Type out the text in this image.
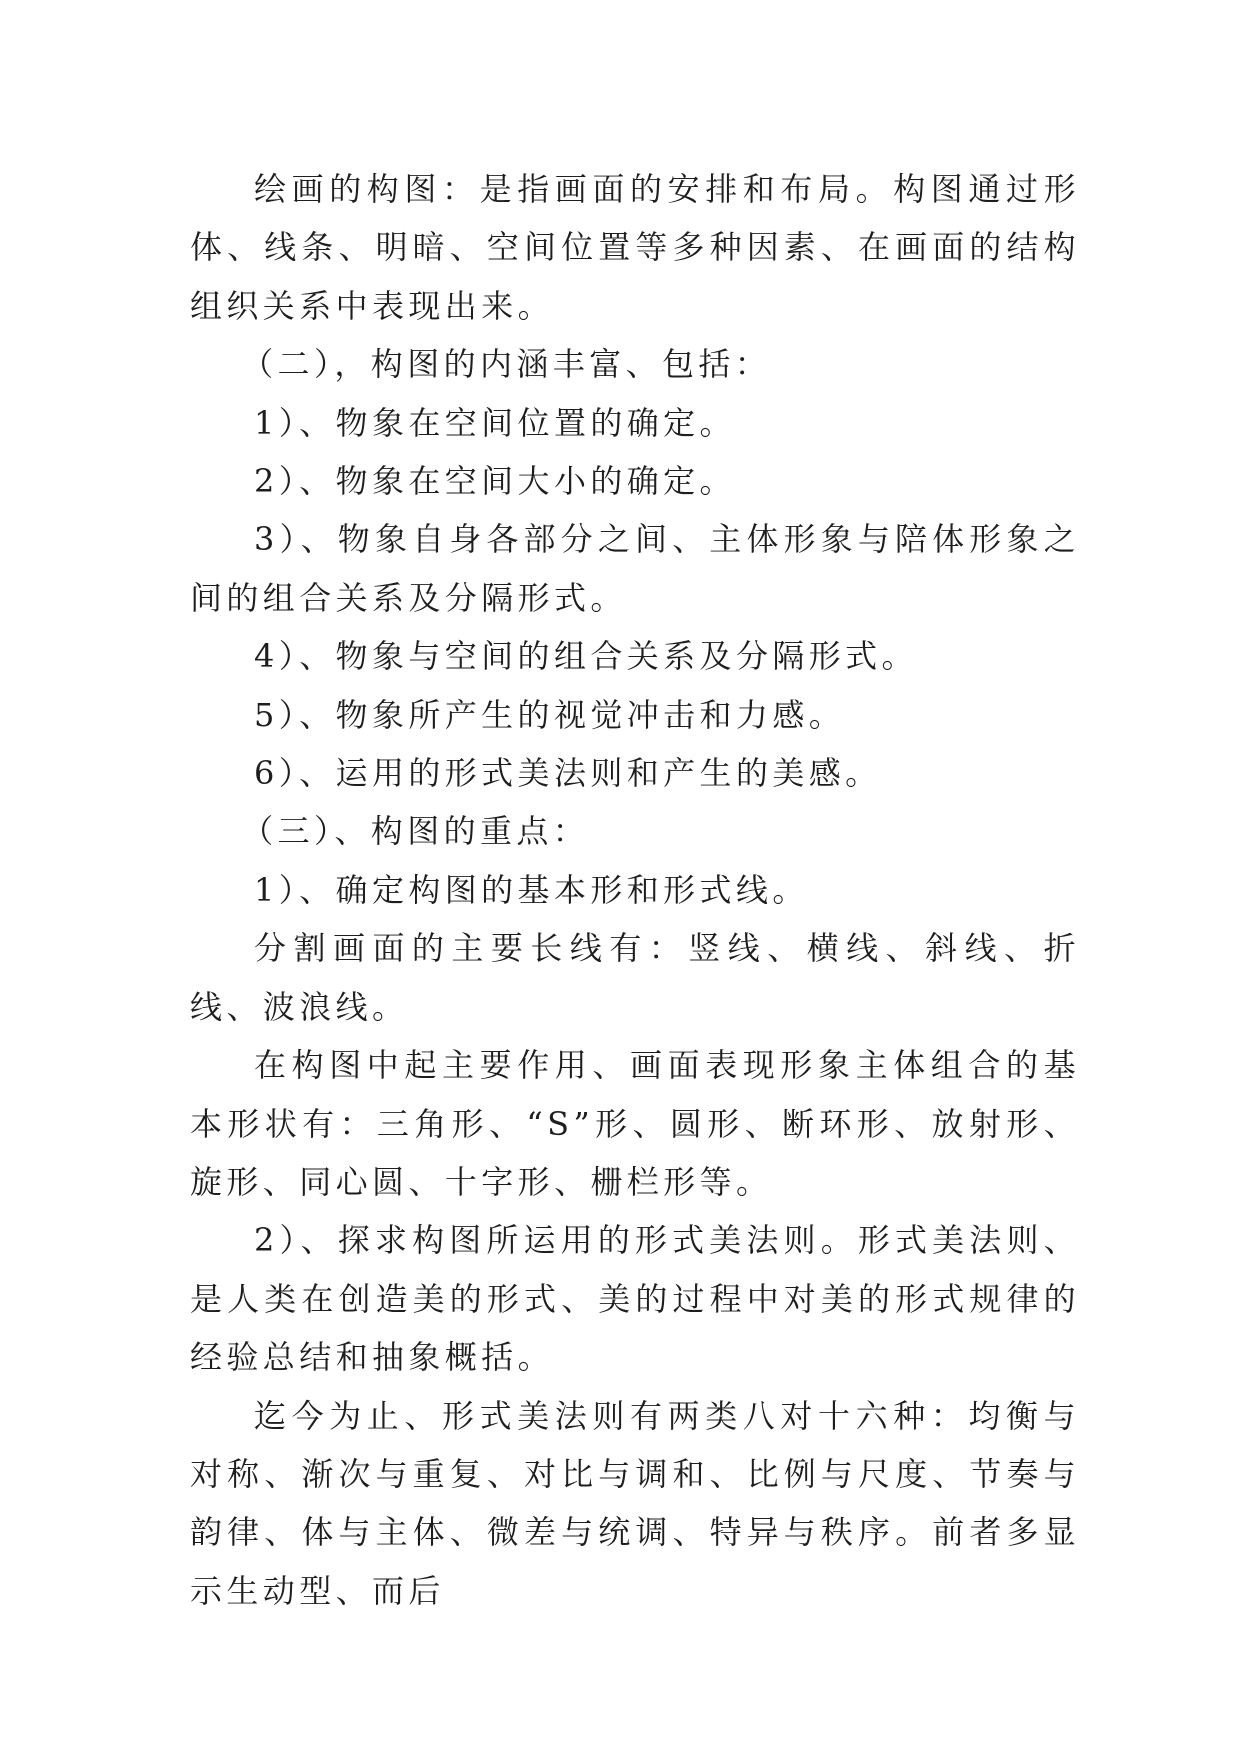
绘画的构图：是指画面的安排和布局。构图通过形体、线条、明暗、空间位置等多种因素、在画面的结构组织关系中表现出来。

（二），构图的内涵丰富、包括：

1）、物象在空间位置的确定。

2）、物象在空间大小的确定。

3）、物象自身各部分之间、主体形象与陪体形象之间的组合关系及分隔形式。

4）、物象与空间的组合关系及分隔形式。

5）、物象所产生的视觉冲击和力感。

6）、运用的形式美法则和产生的美感。

（三）、构图的重点：

1）、确定构图的基本形和形式线。

分割画面的主要长线有：竖线、横线、斜线、折线、波浪线。

在构图中起主要作用、画面表现形象主体组合的基本形状有：三角形、“S”形、圆形、断环形、放射形、旋形、同心圆、十字形、栅栏形等。

2）、探求构图所运用的形式美法则。形式美法则、是人类在创造美的形式、美的过程中对美的形式规律的经验总结和抽象概括。

迄今为止、形式美法则有两类八对十六种：均衡与对称、渐次与重复、对比与调和、比例与尺度、节奏与韵律、体与主体、微差与统调、特异与秩序。前者多显示生动型、而后
